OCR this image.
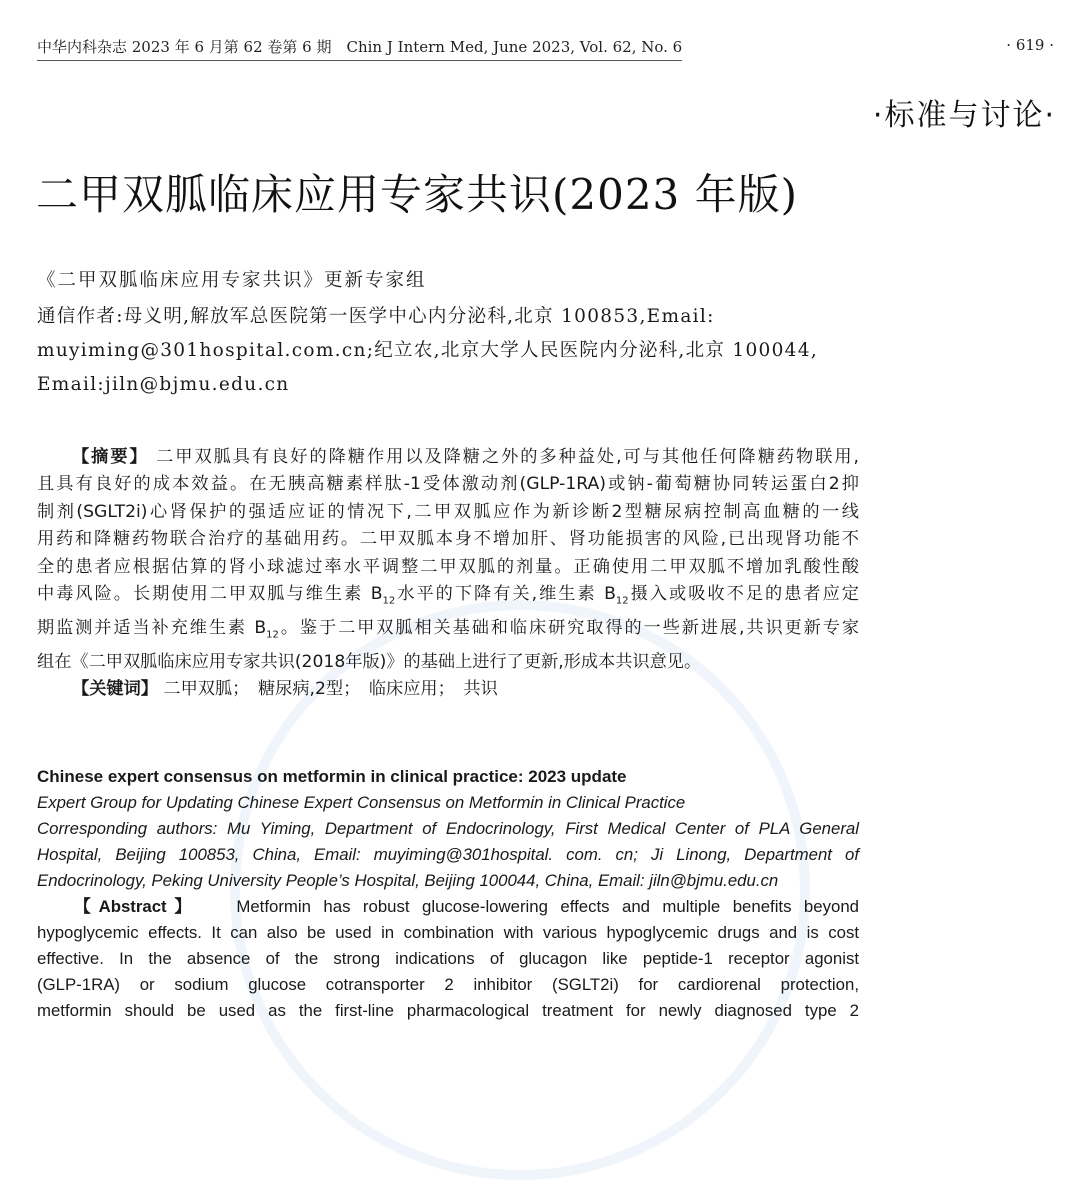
中华内科杂志 2023 年 6 月第 62 卷第 6 期　Chin J Intern Med, June 2023, Vol. 62, No. 6	· 619 ·
·标准与讨论·
二甲双胍临床应用专家共识(2023 年版)
《二甲双胍临床应用专家共识》更新专家组
通信作者:母义明,解放军总医院第一医学中心内分泌科,北京 100853,Email:
muyiming@301hospital.com.cn;纪立农,北京大学人民医院内分泌科,北京 100044,
Email:jiln@bjmu.edu.cn
【摘要】 二甲双胍具有良好的降糖作用以及降糖之外的多种益处,可与其他任何降糖药物联用,
且具有良好的成本效益。在无胰高糖素样肽-1受体激动剂(GLP-1RA)或钠-葡萄糖协同转运蛋白2抑
制剂(SGLT2i)心肾保护的强适应证的情况下,二甲双胍应作为新诊断2型糖尿病控制高血糖的一线
用药和降糖药物联合治疗的基础用药。二甲双胍本身不增加肝、肾功能损害的风险,已出现肾功能不
全的患者应根据估算的肾小球滤过率水平调整二甲双胍的剂量。正确使用二甲双胍不增加乳酸性酸
中毒风险。长期使用二甲双胍与维生素 $B_{12}$水平的下降有关,维生素 $B_{12}$摄入或吸收不足的患者应定
期监测并适当补充维生素 $B_{12}$。鉴于二甲双胍相关基础和临床研究取得的一些新进展,共识更新专家
组在《二甲双胍临床应用专家共识(2018年版)》的基础上进行了更新,形成本共识意见。
【关键词】 二甲双胍；　糖尿病,2型；　临床应用；　共识
Chinese expert consensus on metformin in clinical practice: 2023 update
Expert Group for Updating Chinese Expert Consensus on Metformin in Clinical Practice
Corresponding authors: Mu Yiming, Department of Endocrinology, First Medical Center of PLA General
Hospital, Beijing 100853, China, Email: muyiming@301hospital. com. cn; Ji Linong, Department of
Endocrinology, Peking University People’s Hospital, Beijing 100044, China, Email: jiln@bjmu.edu.cn
【Abstract】 Metformin has robust glucose-lowering effects and multiple benefits beyond
hypoglycemic effects. It can also be used in combination with various hypoglycemic drugs and is cost
effective. In the absence of the strong indications of glucagon like peptide-1 receptor agonist
(GLP-1RA) or sodium glucose cotransporter 2 inhibitor (SGLT2i) for cardiorenal protection,
metformin should be used as the first-line pharmacological treatment for newly diagnosed type 2
